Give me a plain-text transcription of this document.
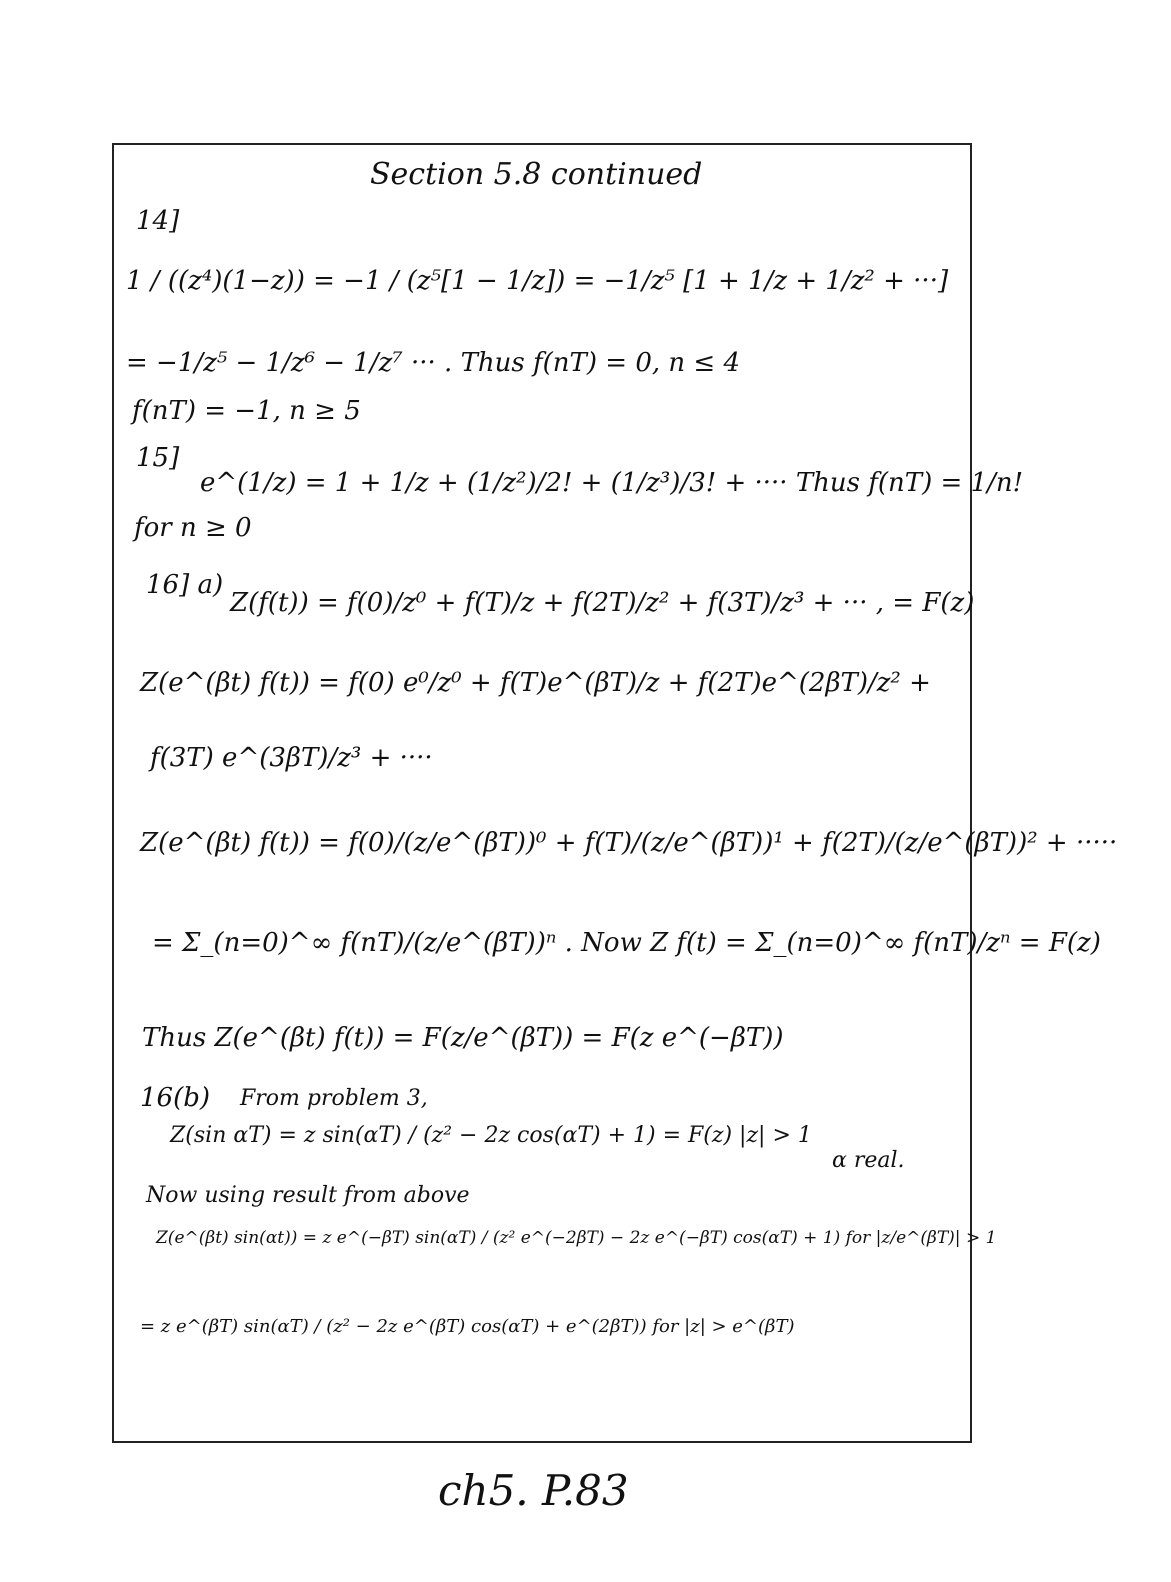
Section 5.8 continued
14]
1 / ((z⁴)(1−z)) = −1 / (z⁵[1 − 1/z]) = −1/z⁵ [1 + 1/z + 1/z² + ···]
= −1/z⁵ − 1/z⁶ − 1/z⁷ ··· . Thus f(nT) = 0, n ≤ 4
f(nT) = −1, n ≥ 5
15]
e^(1/z) = 1 + 1/z + (1/z²)/2! + (1/z³)/3! + ···· Thus f(nT) = 1/n!
for n ≥ 0
16] a)
Z(f(t)) = f(0)/z⁰ + f(T)/z + f(2T)/z² + f(3T)/z³ + ··· , = F(z)
Z(e^(βt) f(t)) = f(0) e⁰/z⁰ + f(T)e^(βT)/z + f(2T)e^(2βT)/z² +
f(3T) e^(3βT)/z³ + ····
Z(e^(βt) f(t)) = f(0)/(z/e^(βT))⁰ + f(T)/(z/e^(βT))¹ + f(2T)/(z/e^(βT))² + ·····
= Σ_(n=0)^∞ f(nT)/(z/e^(βT))ⁿ . Now Z f(t) = Σ_(n=0)^∞ f(nT)/zⁿ = F(z)
Thus Z(e^(βt) f(t)) = F(z/e^(βT)) = F(z e^(−βT))
16(b) From problem 3,
Z(sin αT) = z sin(αT) / (z² − 2z cos(αT) + 1) = F(z) |z| > 1
α real.
Now using result from above
Z(e^(βt) sin(αt)) = z e^(−βT) sin(αT) / (z² e^(−2βT) − 2z e^(−βT) cos(αT) + 1) for |z/e^(βT)| > 1
= z e^(βT) sin(αT) / (z² − 2z e^(βT) cos(αT) + e^(2βT)) for |z| > e^(βT)
ch5. P.83
